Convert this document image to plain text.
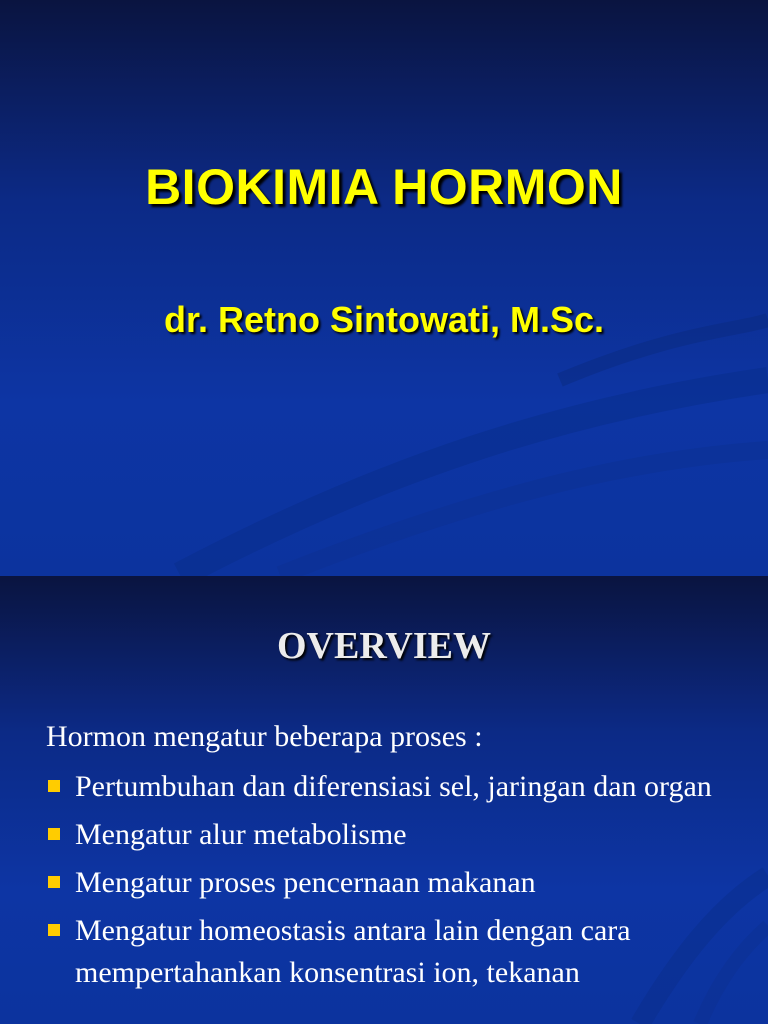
BIOKIMIA HORMON
dr. Retno Sintowati, M.Sc.
OVERVIEW
Hormon mengatur beberapa proses :
Pertumbuhan dan diferensiasi sel, jaringan dan organ
Mengatur alur metabolisme
Mengatur proses pencernaan makanan
Mengatur homeostasis antara lain dengan cara mempertahankan konsentrasi ion, tekanan
